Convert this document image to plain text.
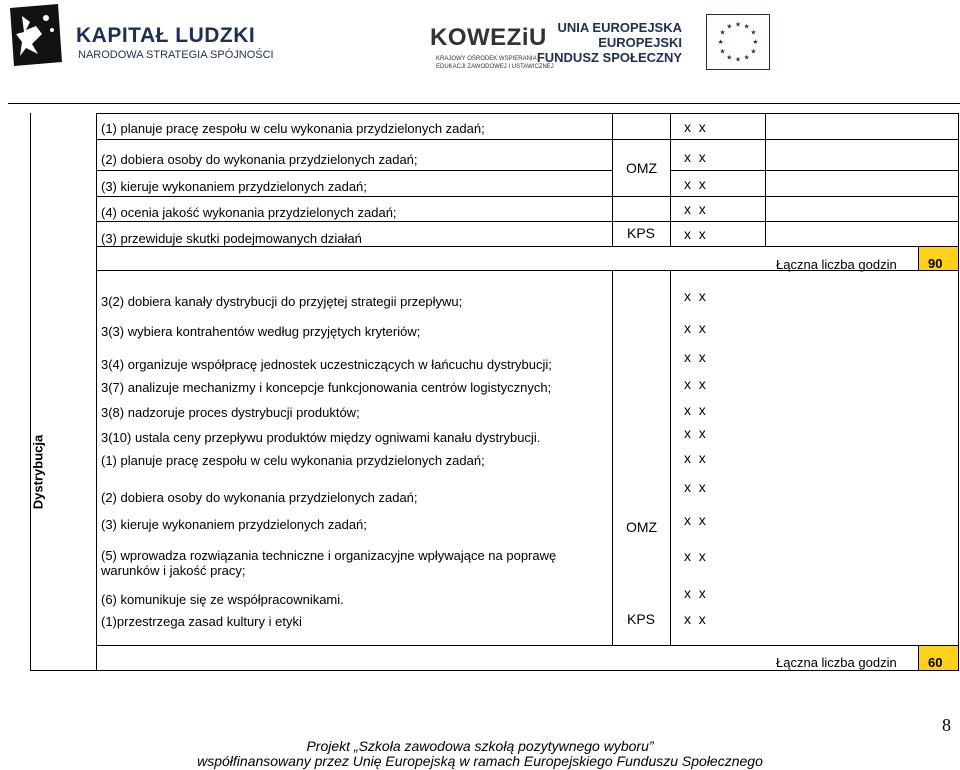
KAPITAŁ LUDZKI
NARODOWA STRATEGIA SPÓJNOŚCI
KOWEZiU
KRAJOWY OŚRODEK WSPIERANIA
EDUKACJI ZAWODOWEJ I USTAWICZNEJ
UNIA EUROPEJSKA
EUROPEJSKI
FUNDUSZ SPOŁECZNY
★ ★
★
★
★
★
★
★
★
★
★
★
(1) planuje pracę zespołu w celu wykonania przydzielonych zadań;
(2) dobiera osoby do wykonania przydzielonych zadań;
(3) kieruje wykonaniem przydzielonych zadań;
(4) ocenia jakość wykonania przydzielonych zadań;
(3) przewiduje skutki podejmowanych działań
x  x
x  x
x  x
x  x
x  x
OMZ
KPS
Łączna liczba godzin 90
Dystrybucja
3(2) dobiera kanały dystrybucji do przyjętej strategii przepływu;
3(3) wybiera kontrahentów według przyjętych kryteriów;
3(4) organizuje współpracę jednostek uczestniczących w łańcuchu dystrybucji;
3(7) analizuje mechanizmy i koncepcje funkcjonowania centrów logistycznych;
3(8) nadzoruje proces dystrybucji produktów;
3(10) ustala ceny przepływu produktów między ogniwami kanału dystrybucji.
(1) planuje pracę zespołu w celu wykonania przydzielonych zadań;
(2) dobiera osoby do wykonania przydzielonych zadań;
(3) kieruje wykonaniem przydzielonych zadań;
(5) wprowadza rozwiązania techniczne i organizacyjne wpływające na poprawę
warunków i jakość pracy;
(6) komunikuje się ze współpracownikami.
(1)przestrzega zasad kultury i etyki
x  x
x  x
x  x
x  x
x  x
x  x
x  x
x  x
x  x
x  x
x  x
x  x
OMZ
KPS
Łączna liczba godzin 60
8
Projekt „Szkoła zawodowa szkołą pozytywnego wyboru”
współfinansowany przez Unię Europejską w ramach Europejskiego Funduszu Społecznego
